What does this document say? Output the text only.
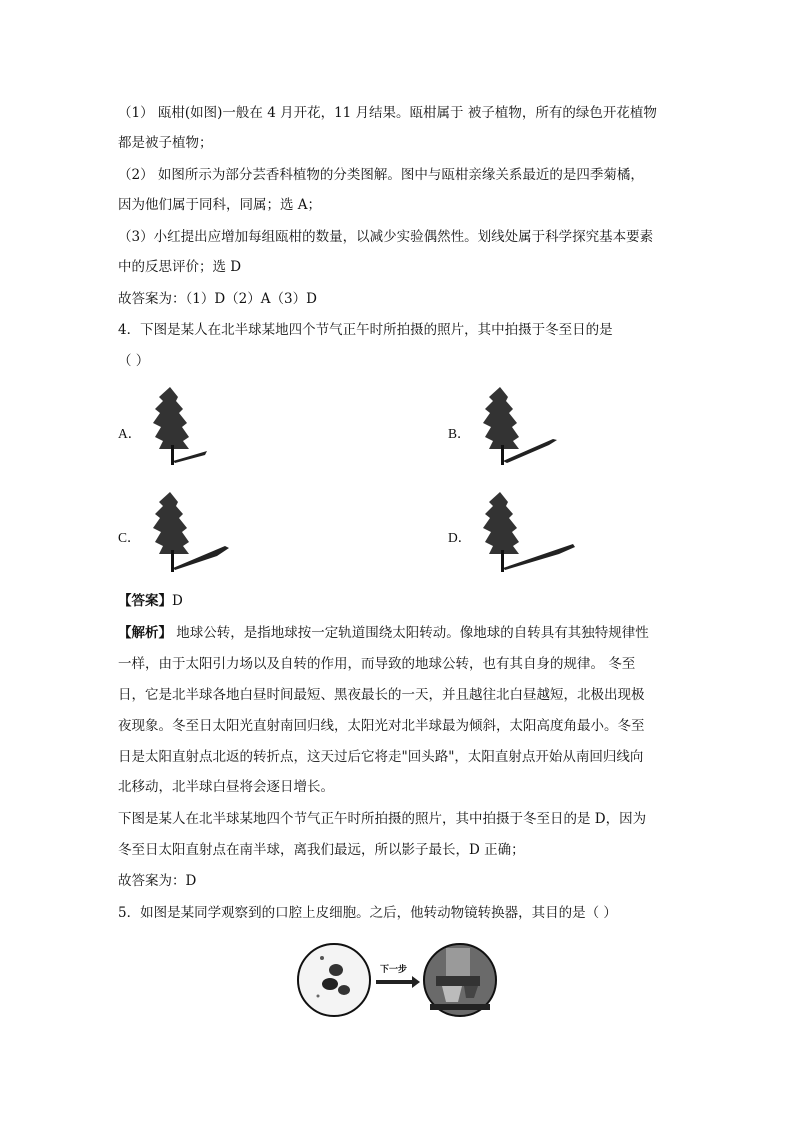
（1） 瓯柑(如图)一般在 4 月开花，11 月结果。瓯柑属于 被子植物，所有的绿色开花植物
都是被子植物；
（2） 如图所示为部分芸香科植物的分类图解。图中与瓯柑亲缘关系最近的是四季菊橘，
因为他们属于同科，同属；选 A；
（3）小红提出应增加每组瓯柑的数量，以减少实验偶然性。划线处属于科学探究基本要素
中的反思评价；选 D
故答案为：（1）D（2）A（3）D
4．下图是某人在北半球某地四个节气正午时所拍摄的照片，其中拍摄于冬至日的是
（ ）
A．	B．
C．	D．
【答案】D
【解析】 地球公转，是指地球按一定轨道围绕太阳转动。像地球的自转具有其独特规律性
一样，由于太阳引力场以及自转的作用，而导致的地球公转，也有其自身的规律。 冬至
日，它是北半球各地白昼时间最短、黑夜最长的一天，并且越往北白昼越短，北极出现极
夜现象。冬至日太阳光直射南回归线，太阳光对北半球最为倾斜，太阳高度角最小。冬至
日是太阳直射点北返的转折点，这天过后它将走"回头路"，太阳直射点开始从南回归线向
北移动，北半球白昼将会逐日增长。
下图是某人在北半球某地四个节气正午时所拍摄的照片，其中拍摄于冬至日的是 D，因为
冬至日太阳直射点在南半球，离我们最远，所以影子最长，D 正确；
故答案为：D
5．如图是某同学观察到的口腔上皮细胞。之后，他转动物镜转换器，其目的是（ ）
下一步
